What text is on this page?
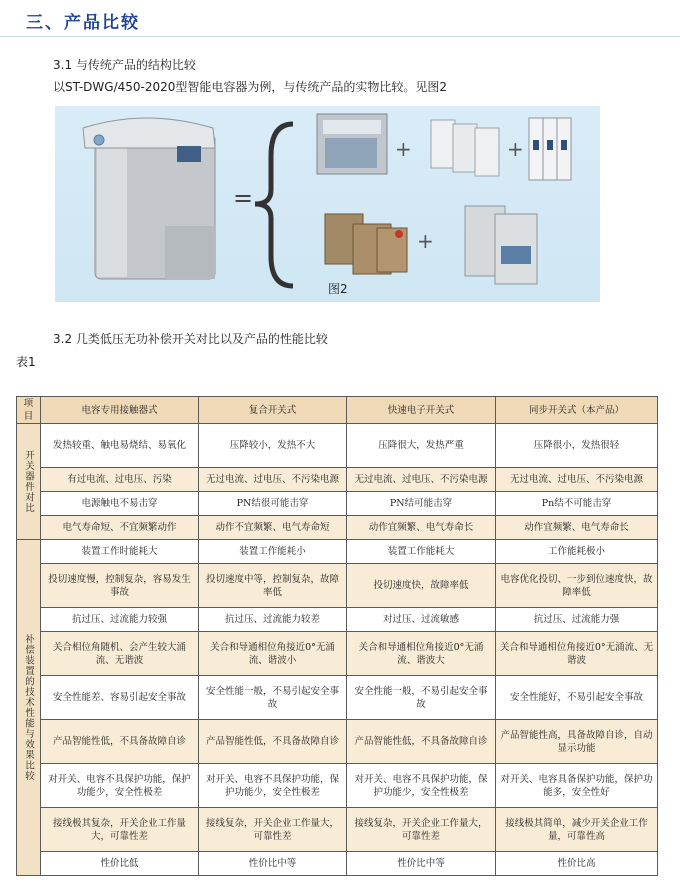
三、产品比较
3.1 与传统产品的结构比较
以ST-DWG/450-2020型智能电容器为例，与传统产品的实物比较。见图2
=
+	+
+
图2
3.2 几类低压无功补偿开关对比以及产品的性能比较
表1
项目	电容专用接触器式	复合开关式	快速电子开关式	同步开关式（本产品）

开关器件对比	发热较重、触电易烧结、易氧化	压降较小，发热不大	压降很大，发热严重	压降很小，发热很轻
	有过电流、过电压、污染	无过电流、过电压、不污染电源	无过电流、过电压、不污染电源	无过电流、过电压、不污染电源
	电源触电不易击穿	PN结很可能击穿	PN结可能击穿	Pn结不可能击穿
	电气寿命短、不宜频繁动作	动作不宜频繁、电气寿命短	动作宜频繁、电气寿命长	动作宜频繁、电气寿命长

补偿装置的技术性能与效果比较	装置工作时能耗大	装置工作能耗小	装置工作能耗大	工作能耗极小
	投切速度慢，控制复杂，容易发生事故	投切速度中等，控制复杂，故障率低	投切速度快，故障率低	电容优化投切、一步到位速度快，故障率低
	抗过压、过流能力较强	抗过压、过流能力较差	对过压、过流敏感	抗过压、过流能力强
	关合相位角随机、会产生较大涌流、无谐波	关合和导通相位角接近0°无涌流、谐波小	关合和导通相位角接近0°无涌流、谐波大	关合和导通相位角接近0°无涌流、无谐波
	安全性能差、容易引起安全事故	安全性能一般，不易引起安全事故	安全性能一般，不易引起安全事故	安全性能好，不易引起安全事故
	产品智能性低，不具备故障自诊	产品智能性低，不具备故障自诊	产品智能性低，不具备故障自诊	产品智能性高，具备故障自诊，自动显示功能
	对开关、电容不具保护功能，保护功能少，安全性极差	对开关、电容不具保护功能，保护功能少，安全性极差	对开关、电容不具保护功能，保护功能少，安全性极差	对开关、电容具备保护功能，保护功能多，安全性好
	接线极其复杂，开关企业工作量大，可靠性差	接线复杂，开关企业工作量大，可靠性差	接线复杂，开关企业工作量大，可靠性差	接线极其简单，减少开关企业工作量，可靠性高
	性价比低	性价比中等	性价比中等	性价比高
